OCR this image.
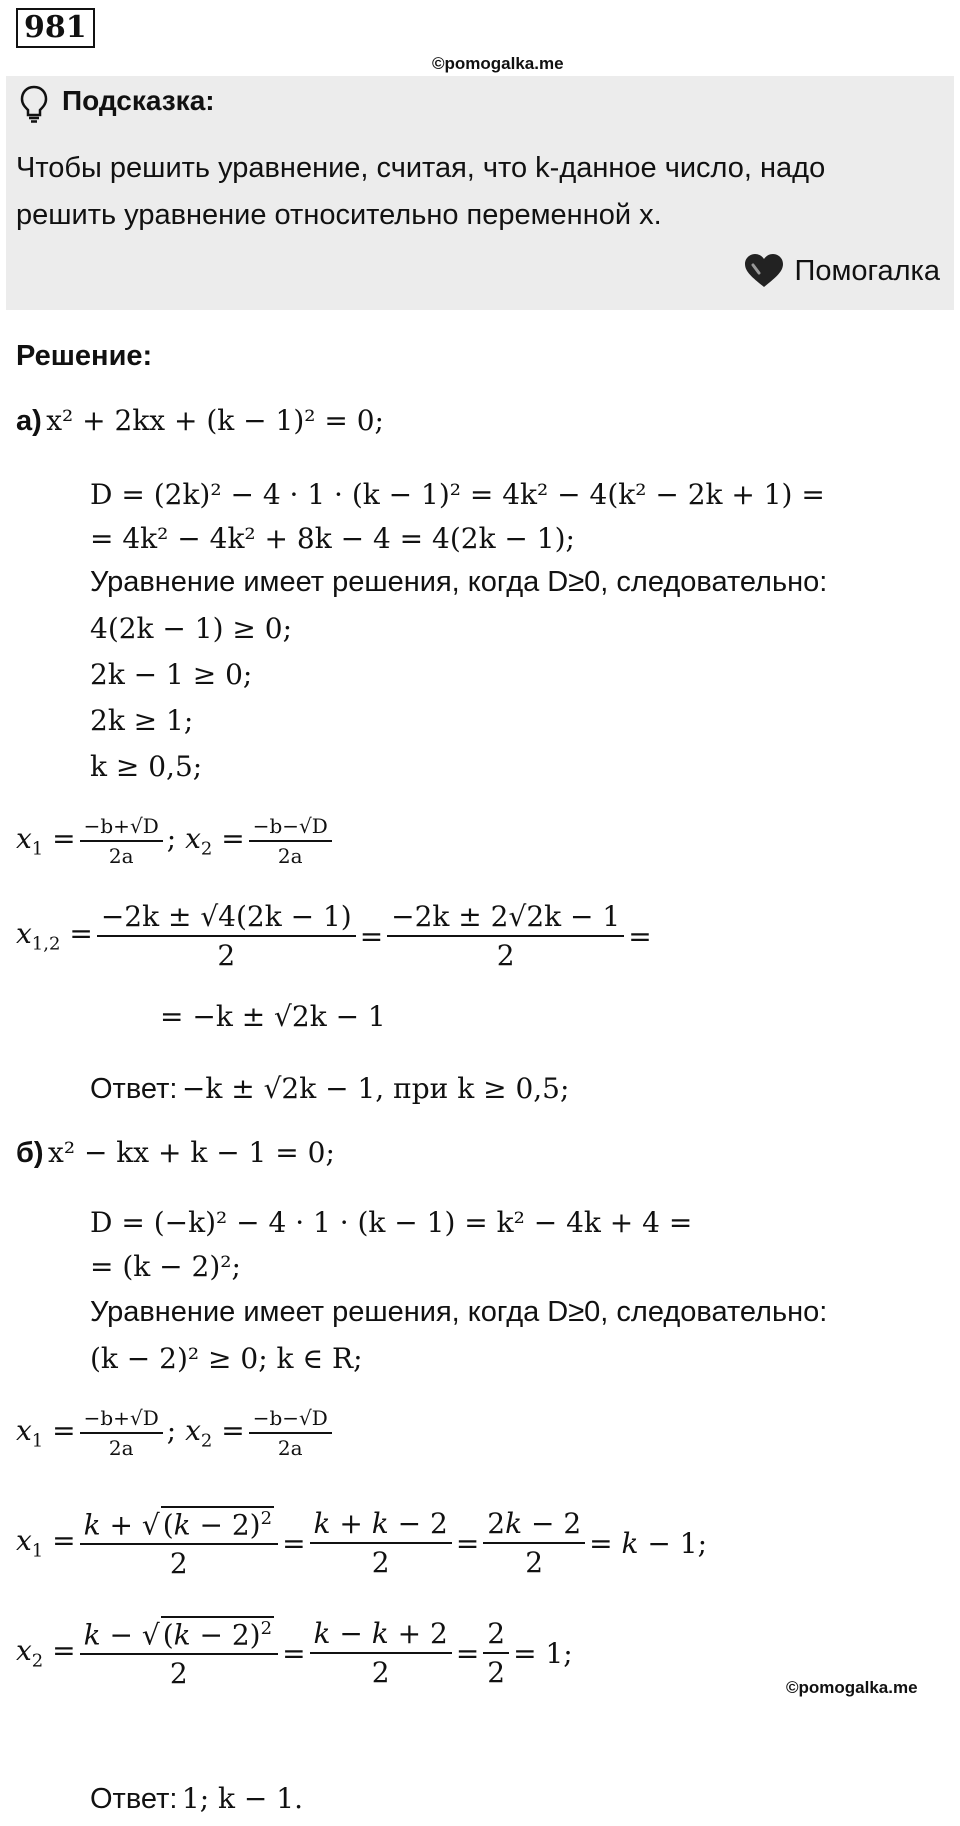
981
©pomogalka.me
Подсказка:
Чтобы решить уравнение, считая, что k-данное число, надо
решить уравнение относительно переменной x.
Помогалка
Решение:
а) x² + 2kx + (k − 1)² = 0;
D = (2k)² − 4 · 1 · (k − 1)² = 4k² − 4(k² − 2k + 1) =
= 4k² − 4k² + 8k − 4 = 4(2k − 1);
Уравнение имеет решения, когда D≥0, следовательно:
4(2k − 1) ≥ 0;
2k − 1 ≥ 0;
2k ≥ 1;
k ≥ 0,5;
$x_1 = \frac{-b+√D}{2a}$ ; $x_2 = \frac{-b-√D}{2a}$
$x_{1,2} = \frac{-2k \pm √4(2k - 1)}{2} = \frac{-2k \pm 2√2k - 1}{2}$ =
= −k ± √2k − 1
Ответ: −k ± √2k − 1, при k ≥ 0,5;
б) x² − kx + k − 1 = 0;
D = (−k)² − 4 · 1 · (k − 1) = k² − 4k + 4 =
= (k − 2)²;
Уравнение имеет решения, когда D≥0, следовательно:
(k − 2)² ≥ 0; k ∈ R;
$x_1 = \frac{-b+√D}{2a}$ ; $x_2 = \frac{-b-√D}{2a}$
$x_1 = \frac{k + √ (k - 2)^2}{2} = \frac{k + k - 2}{2} = \frac{2k - 2}{2} = k - 1$;
$x_2 = \frac{k - √ (k - 2)^2}{2} = \frac{k - k + 2}{2} = \frac{2}{2} = 1$;
©pomogalka.me
Ответ: 1; k − 1.
